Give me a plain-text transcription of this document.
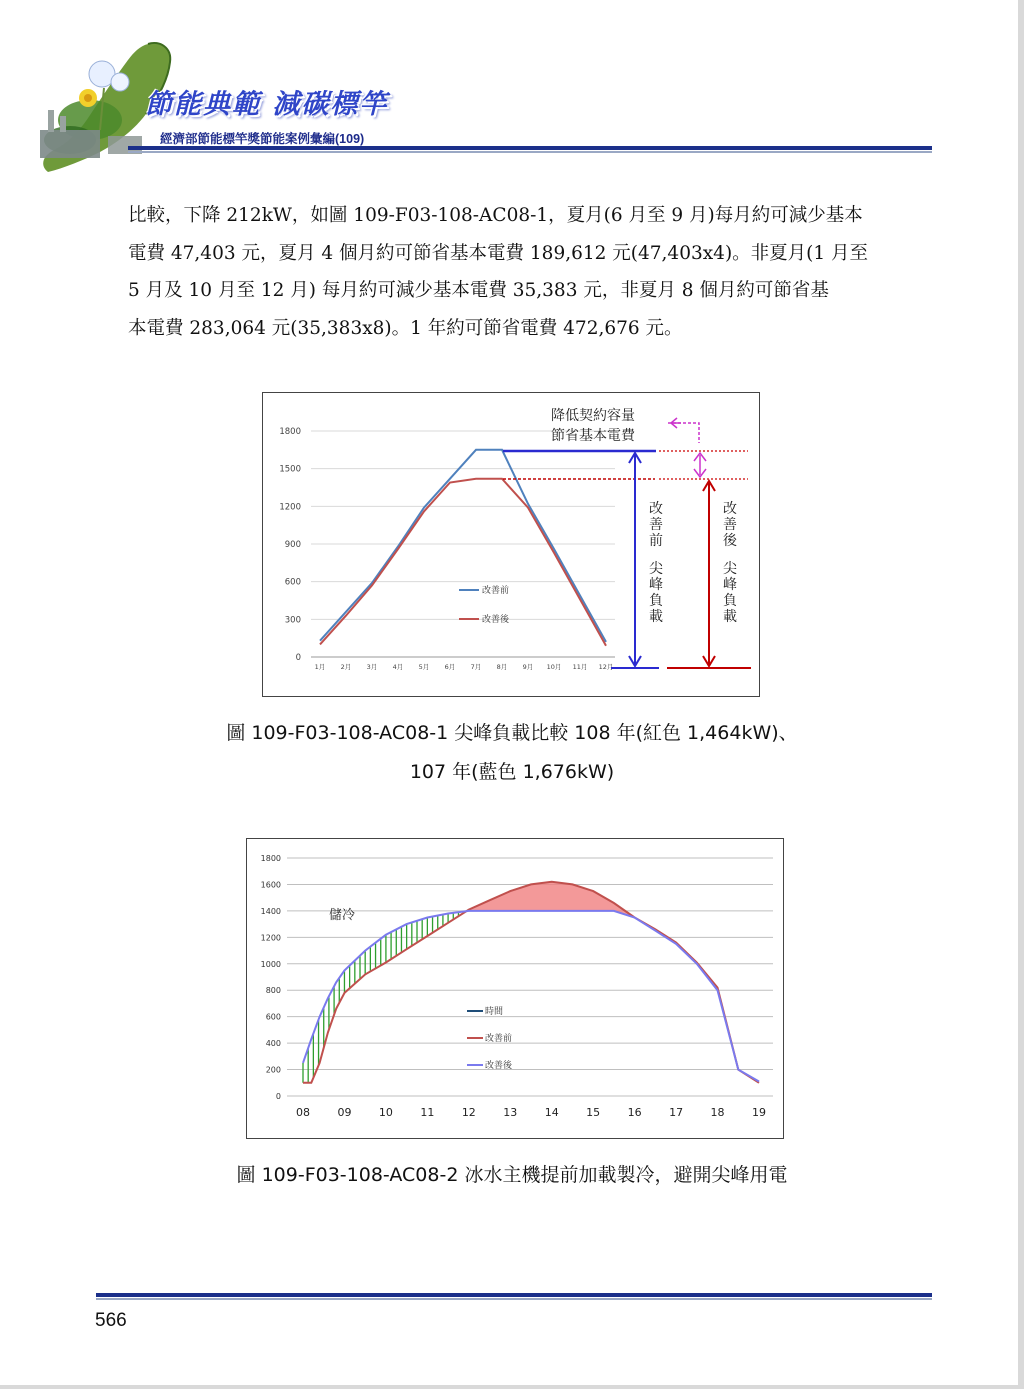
節能典範 減碳標竿
經濟部節能標竿獎節能案例彙編(109)

比較，下降 212kW，如圖 109-F03-108-AC08-1，夏月(6 月至 9 月)每月約可減少基本
電費 47,403 元，夏月 4 個月約可節省基本電費 189,612 元(47,403x4)。非夏月(1 月至
5 月及 10 月至 12 月) 每月約可減少基本電費 35,383 元，非夏月 8 個月約可節省基
本電費 283,064 元(35,383x8)。1 年約可節省電費 472,676 元。

0
300
600
900
1200
1500
1800
1月 2月 3月 4月 5月 6月 7月 8月 9月 10月 11月 12月
改善前
改善後
降低契約容量
節省基本電費
改
善
前
尖
峰
負
載
改
善
後
尖
峰
負
載
圖 109-F03-108-AC08-1 尖峰負載比較 108 年(紅色 1,464kW)、
107 年(藍色 1,676kW)
0
200
400
600
800
1000
1200
1400
1600
1800
08 09 10 11 12 13 14 15 16 17 18 19
儲冷
時間
改善前
改善後
圖 109-F03-108-AC08-2 冰水主機提前加載製冷，避開尖峰用電
566
